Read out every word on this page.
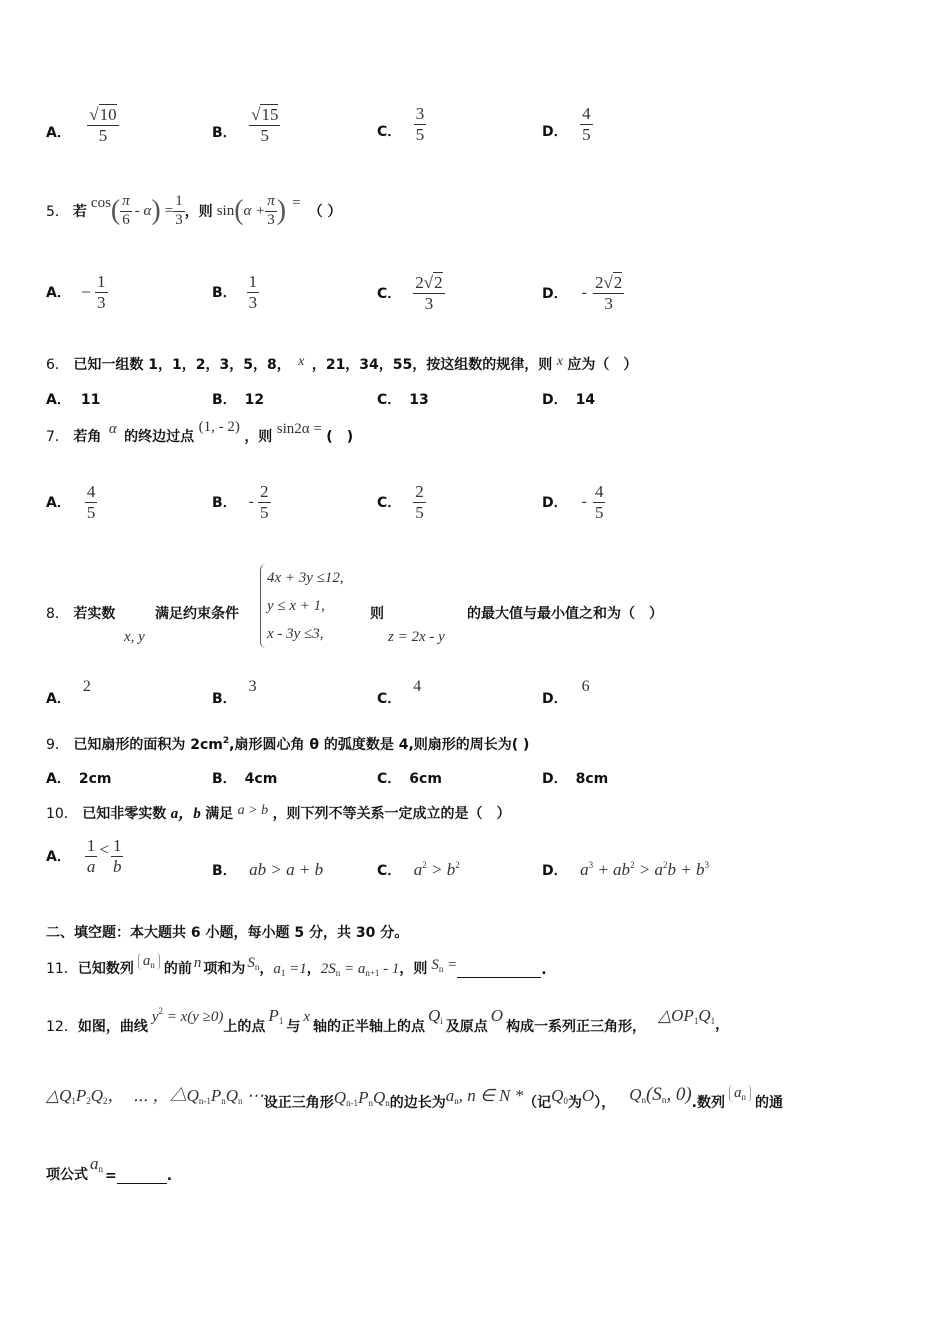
A． $\frac{√10}{5}$	B． $\frac{√15}{5}$	C． $\frac{3}{5}$	D． $\frac{4}{5}$
5． 若
cos ( $\frac{\pi}{6}$ - α ) = $\frac{1}{3}$ ，则 sin ( $\alpha + \frac{\pi}{3}$ ) =
（ ）
A． − $\frac{1}{3}$	B． $\frac{1}{3}$	C． $\frac{2√2}{3}$	D． - $\frac{2√2}{3}$
6． 已知一组数 1，1，2，3，5，8， x ，21，34，55，按这组数的规律，则 x 应为（　）
A． 11	B． 12	C． 13	D． 14
7． 若角 α 的终边过点 (1, - 2) ，则 sin2α = (　)
A． $\frac{4}{5}$	B． - $\frac{2}{5}$	C． $\frac{2}{5}$	D． - $\frac{4}{5}$
8． 若实数
x, y
满足约束条件
4x + 3y ≤12,
y ≤ x + 1,
x - 3y ≤3,
则
z = 2x - y
的最大值与最小值之和为（　）
A．2
B．3
C．4
D．6
9． 已知扇形的面积为 $2cm^2$,扇形圆心角 θ 的弧度数是 4,则扇形的周长为( )
A． 2cm	B． 4cm	C． 6cm	D． 8cm
10． 已知非零实数 a，b 满足 a > b ，则下列不等关系一定成立的是（　）
A． $\frac{1}{a} < \frac{1}{b}$	B． ab > a + b	C． $a^2 > b^2$	D． $a^3 + ab^2 > a^2b + b^3$
二、填空题：本大题共 6 小题，每小题 5 分，共 30 分。
11． 已知数列 $a_n$ 的前 n 项和为 $S_n$ ， $a_1 =1$ ， $2S_n = a_{n+1} - 1$ ，则 $S_n$ =	.
12． 如图，曲线
$y^2 = x(y \ge 0)$
上的点
$P_1$ 与
x
轴的正半轴上的点
$Q_i$ 及原点
O
构成一系列正三角形，
$\triangle OP_1Q_1$ ，
$\triangle Q_1P_2Q_2$ ，　⋯ ，$\triangle Q_{n-1}P_nQ_n$ ⋯ 设正三角形 $Q_{n-1}P_nQ_n$ 的边长为 $a_n$, n ∈ N * （记 $Q_0$ 为 O ）， $Q_n(S_n$, 0) .数列
$a_n$ 的通
项公式
$a_n$ =	.
